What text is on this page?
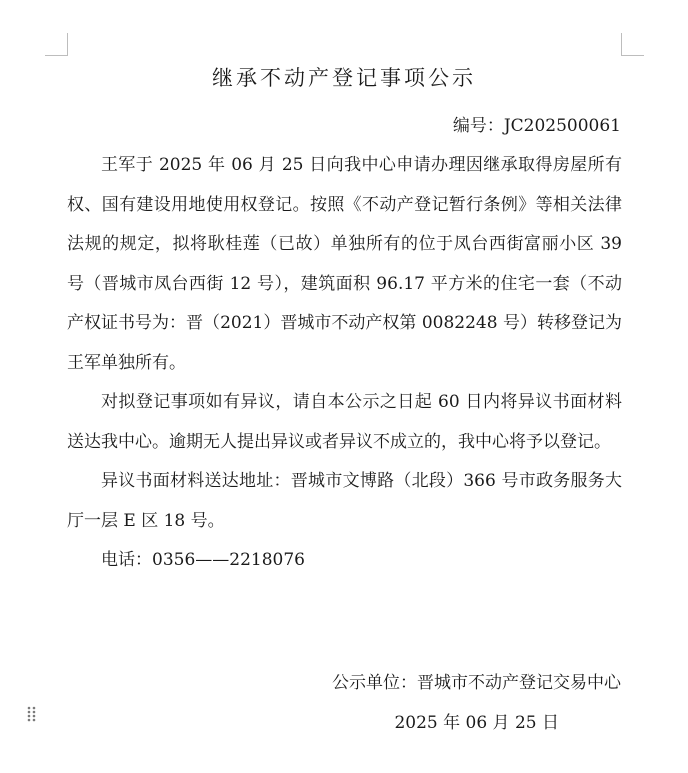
继承不动产登记事项公示
编号：JC202500061

王军于 2025 年 06 月 25 日向我中心申请办理因继承取得房屋所有权、国有建设用地使用权登记。按照《不动产登记暂行条例》等相关法律法规的规定，拟将耿桂莲（已故）单独所有的位于凤台西街富丽小区 39 号（晋城市凤台西街 12 号），建筑面积 96.17 平方米的住宅一套（不动产权证书号为：晋（2021）晋城市不动产权第 0082248 号）转移登记为王军单独所有。

对拟登记事项如有异议，请自本公示之日起 60 日内将异议书面材料送达我中心。逾期无人提出异议或者异议不成立的，我中心将予以登记。

异议书面材料送达地址：晋城市文博路（北段）366 号市政务服务大厅一层 E 区 18 号。

电话：0356——2218076

公示单位：晋城市不动产登记交易中心
2025 年 06 月 25 日
